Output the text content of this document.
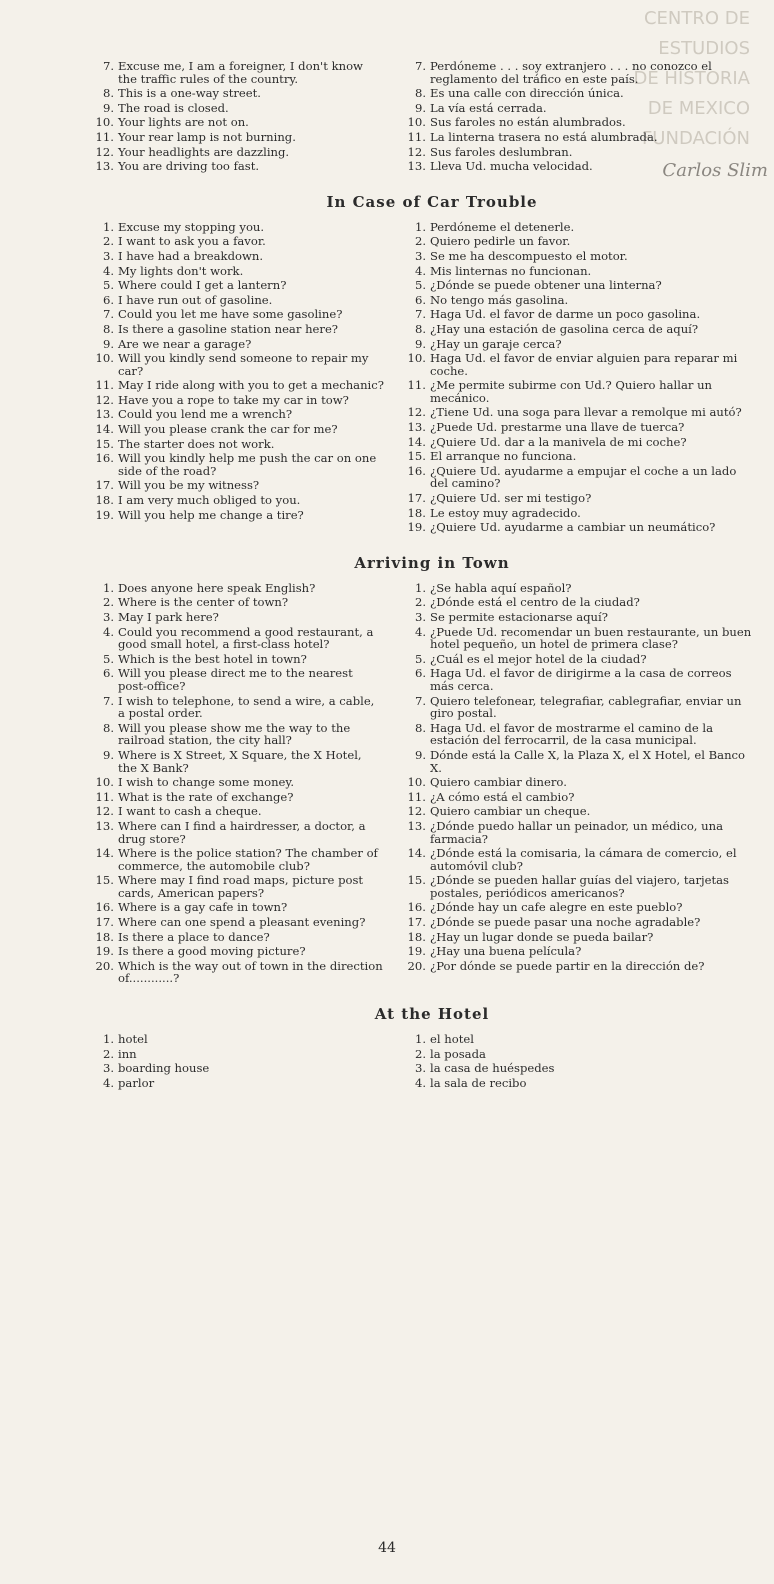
CENTRO DE
ESTUDIOS
DE HISTORIA
DE MEXICO
FUNDACIÓN
Carlos Slim
7. Excuse me, I am a foreigner, I don't know the traffic rules of the country.
8. This is a one-way street.
9. The road is closed.
10. Your lights are not on.
11. Your rear lamp is not burning.
12. Your headlights are dazzling.
13. You are driving too fast.
7. Perdóneme . . . soy extranjero . . . no conozco el reglamento del tráfico en este país.
8. Es una calle con dirección única.
9. La vía está cerrada.
10. Sus faroles no están alumbrados.
11. La linterna trasera no está alumbrada.
12. Sus faroles deslumbran.
13. Lleva Ud. mucha velocidad.
In Case of Car Trouble
1. Excuse my stopping you.
2. I want to ask you a favor.
3. I have had a breakdown.
4. My lights don't work.
5. Where could I get a lantern?
6. I have run out of gasoline.
7. Could you let me have some gasoline?
8. Is there a gasoline station near here?
9. Are we near a garage?
10. Will you kindly send someone to repair my car?
11. May I ride along with you to get a mechanic?
12. Have you a rope to take my car in tow?
13. Could you lend me a wrench?
14. Will you please crank the car for me?
15. The starter does not work.
16. Will you kindly help me push the car on one side of the road?
17. Will you be my witness?
18. I am very much obliged to you.
19. Will you help me change a tire?
1. Perdóneme el detenerle.
2. Quiero pedirle un favor.
3. Se me ha descompuesto el motor.
4. Mis linternas no funcionan.
5. ¿Dónde se puede obtener una linterna?
6. No tengo más gasolina.
7. Haga Ud. el favor de darme un poco gasolina.
8. ¿Hay una estación de gasolina cerca de aquí?
9. ¿Hay un garaje cerca?
10. Haga Ud. el favor de enviar alguien para reparar mi coche.
11. ¿Me permite subirme con Ud.? Quiero hallar un mecánico.
12. ¿Tiene Ud. una soga para llevar a remolque mi autó?
13. ¿Puede Ud. prestarme una llave de tuerca?
14. ¿Quiere Ud. dar a la manivela de mi coche?
15. El arranque no funciona.
16. ¿Quiere Ud. ayudarme a empujar el coche a un lado del camino?
17. ¿Quiere Ud. ser mi testigo?
18. Le estoy muy agradecido.
19. ¿Quiere Ud. ayudarme a cambiar un neumático?
Arriving in Town
1. Does anyone here speak English?
2. Where is the center of town?
3. May I park here?
4. Could you recommend a good restaurant, a good small hotel, a first-class hotel?
5. Which is the best hotel in town?
6. Will you please direct me to the nearest post-office?
7. I wish to telephone, to send a wire, a cable, a postal order.
8. Will you please show me the way to the railroad station, the city hall?
9. Where is X Street, X Square, the X Hotel, the X Bank?
10. I wish to change some money.
11. What is the rate of exchange?
12. I want to cash a cheque.
13. Where can I find a hairdresser, a doctor, a drug store?
14. Where is the police station? The chamber of commerce, the automobile club?
15. Where may I find road maps, picture post cards, American papers?
16. Where is a gay cafe in town?
17. Where can one spend a pleasant evening?
18. Is there a place to dance?
19. Is there a good moving picture?
20. Which is the way out of town in the direction of............?
1. ¿Se habla aquí español?
2. ¿Dónde está el centro de la ciudad?
3. Se permite estacionarse aquí?
4. ¿Puede Ud. recomendar un buen restaurante, un buen hotel pequeño, un hotel de primera clase?
5. ¿Cuál es el mejor hotel de la ciudad?
6. Haga Ud. el favor de dirigirme a la casa de correos más cerca.
7. Quiero telefonear, telegrafiar, cablegrafiar, enviar un giro postal.
8. Haga Ud. el favor de mostrarme el camino de la estación del ferrocarril, de la casa municipal.
9. Dónde está la Calle X, la Plaza X, el X Hotel, el Banco X.
10. Quiero cambiar dinero.
11. ¿A cómo está el cambio?
12. Quiero cambiar un cheque.
13. ¿Dónde puedo hallar un peinador, un médico, una farmacia?
14. ¿Dónde está la comisaria, la cámara de comercio, el automóvil club?
15. ¿Dónde se pueden hallar guías del viajero, tarjetas postales, periódicos americanos?
16. ¿Dónde hay un cafe alegre en este pueblo?
17. ¿Dónde se puede pasar una noche agradable?
18. ¿Hay un lugar donde se pueda bailar?
19. ¿Hay una buena película?
20. ¿Por dónde se puede partir en la dirección de?
At the Hotel
1. hotel
2. inn
3. boarding house
4. parlor
1. el hotel
2. la posada
3. la casa de huéspedes
4. la sala de recibo
44
